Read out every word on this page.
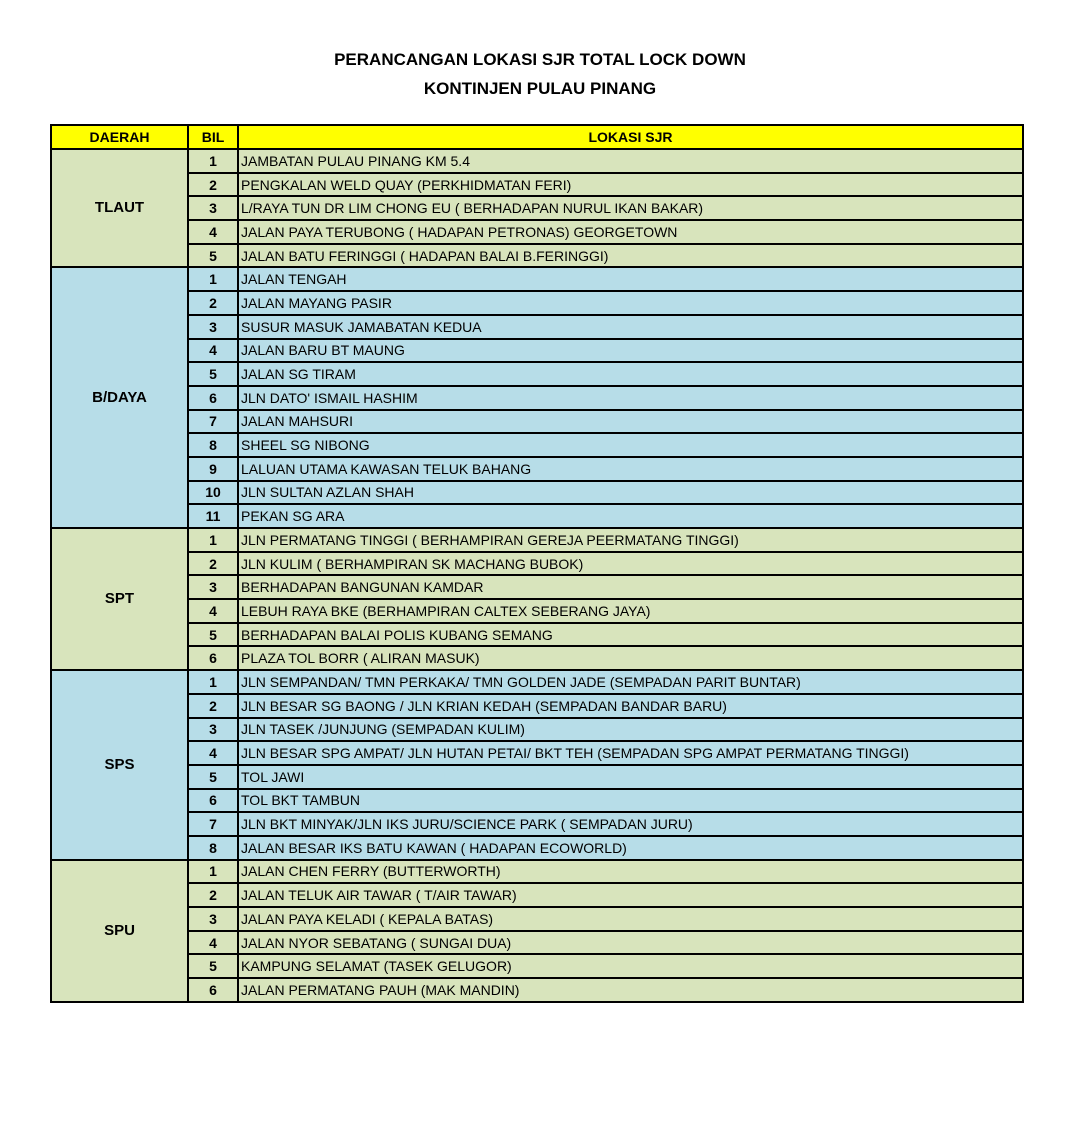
PERANCANGAN LOKASI SJR TOTAL LOCK DOWN
KONTINJEN PULAU PINANG
DAERAH	BIL	LOKASI SJR
TLAUT	1	JAMBATAN PULAU PINANG KM 5.4
	2	PENGKALAN WELD QUAY (PERKHIDMATAN FERI)
	3	L/RAYA TUN DR LIM CHONG EU ( BERHADAPAN NURUL IKAN BAKAR)
	4	JALAN PAYA TERUBONG ( HADAPAN PETRONAS) GEORGETOWN
	5	JALAN BATU FERINGGI ( HADAPAN BALAI B.FERINGGI)
B/DAYA	1	JALAN TENGAH
	2	JALAN MAYANG PASIR
	3	SUSUR MASUK JAMABATAN KEDUA
	4	JALAN BARU BT MAUNG
	5	JALAN SG TIRAM
	6	JLN DATO' ISMAIL HASHIM
	7	JALAN MAHSURI
	8	SHEEL SG NIBONG
	9	LALUAN UTAMA KAWASAN TELUK BAHANG
	10	JLN SULTAN AZLAN SHAH
	11	PEKAN SG ARA
SPT	1	JLN PERMATANG TINGGI ( BERHAMPIRAN GEREJA PEERMATANG TINGGI)
	2	JLN KULIM ( BERHAMPIRAN SK MACHANG BUBOK)
	3	BERHADAPAN BANGUNAN KAMDAR
	4	LEBUH RAYA BKE (BERHAMPIRAN CALTEX SEBERANG JAYA)
	5	BERHADAPAN BALAI POLIS KUBANG SEMANG
	6	PLAZA TOL BORR ( ALIRAN MASUK)
SPS	1	JLN SEMPANDAN/ TMN PERKAKA/ TMN GOLDEN JADE (SEMPADAN PARIT BUNTAR)
	2	JLN BESAR SG BAONG / JLN KRIAN KEDAH (SEMPADAN BANDAR BARU)
	3	JLN TASEK /JUNJUNG (SEMPADAN KULIM)
	4	JLN BESAR SPG AMPAT/ JLN HUTAN PETAI/ BKT TEH (SEMPADAN SPG AMPAT PERMATANG TINGGI)
	5	TOL JAWI
	6	TOL BKT TAMBUN
	7	JLN BKT MINYAK/JLN IKS JURU/SCIENCE PARK ( SEMPADAN JURU)
	8	JALAN BESAR IKS BATU KAWAN ( HADAPAN ECOWORLD)
SPU	1	JALAN CHEN FERRY (BUTTERWORTH)
	2	JALAN TELUK AIR TAWAR ( T/AIR TAWAR)
	3	JALAN PAYA KELADI ( KEPALA BATAS)
	4	JALAN NYOR SEBATANG ( SUNGAI DUA)
	5	KAMPUNG SELAMAT (TASEK GELUGOR)
	6	JALAN PERMATANG PAUH (MAK MANDIN)
